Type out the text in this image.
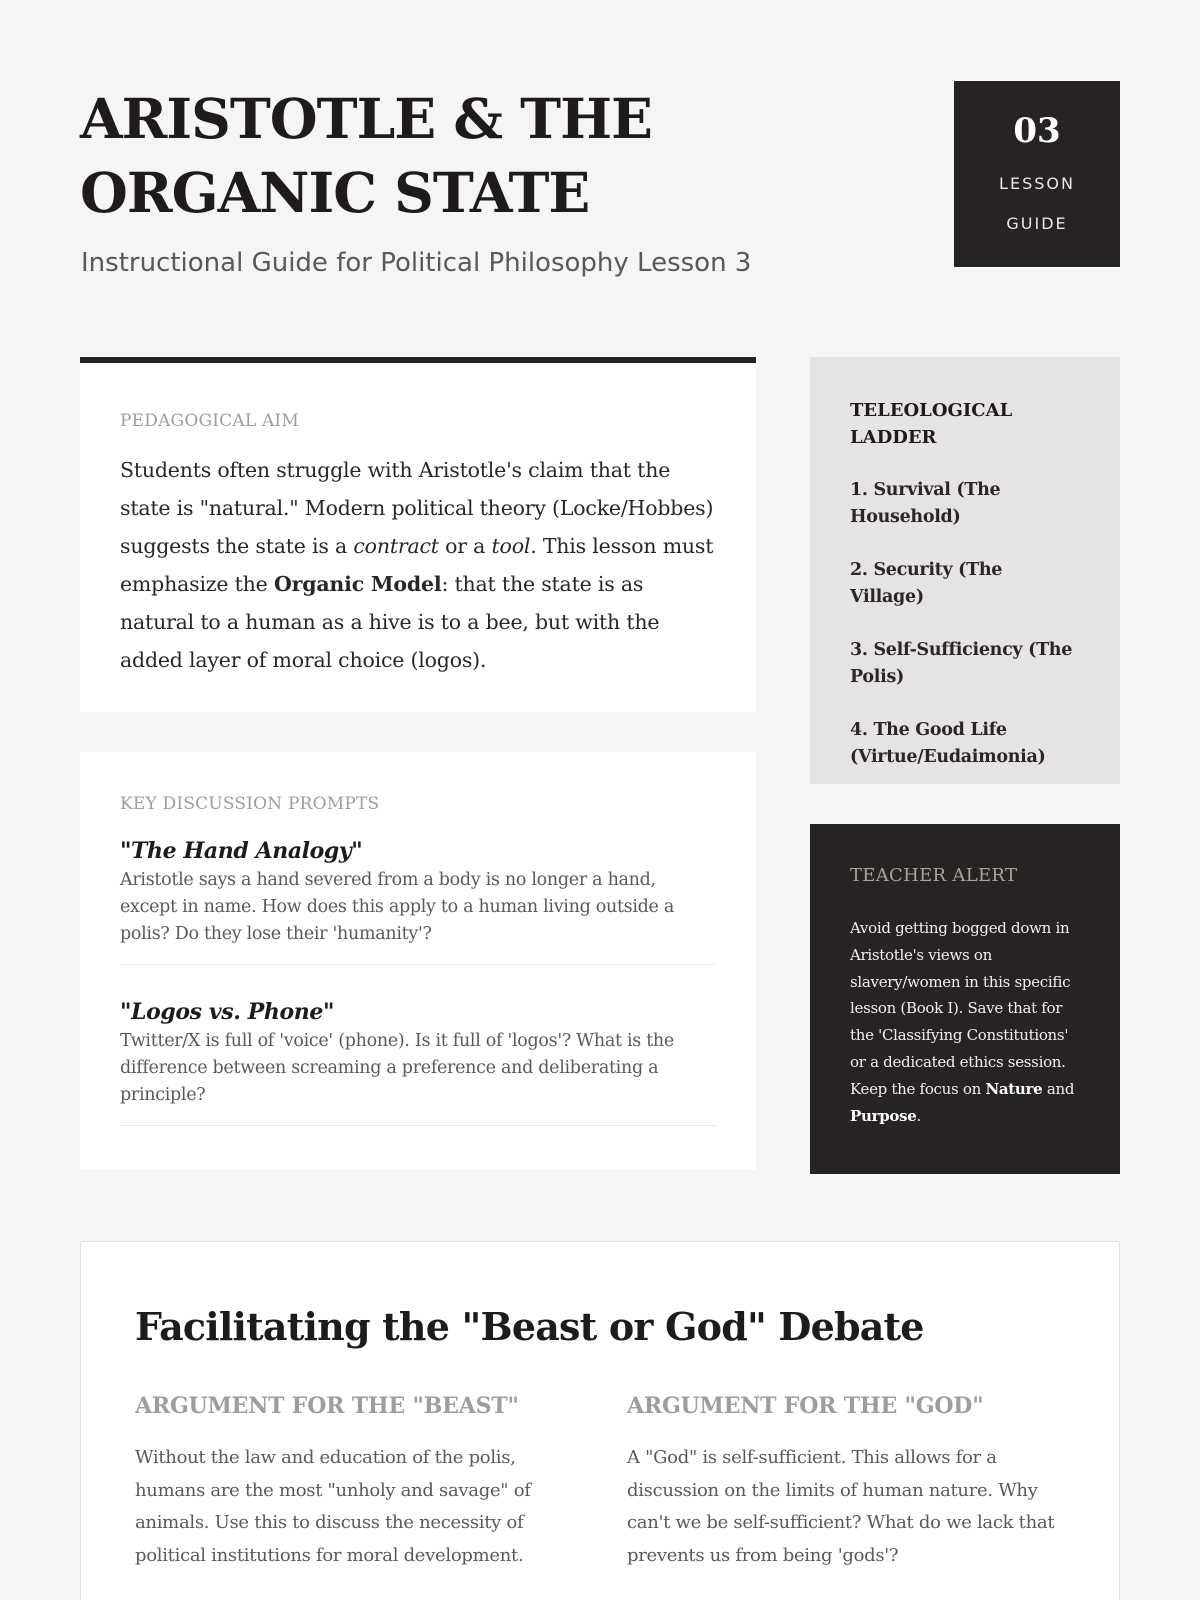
ARISTOTLE & THE ORGANIC STATE
Instructional Guide for Political Philosophy Lesson 3
03
LESSON
GUIDE
PEDAGOGICAL AIM

Students often struggle with Aristotle's claim that the state is "natural." Modern political theory (Locke/Hobbes) suggests the state is a contract or a tool. This lesson must emphasize the Organic Model: that the state is as natural to a human as a hive is to a bee, but with the added layer of moral choice (logos).

KEY DISCUSSION PROMPTS
"The Hand Analogy"
Aristotle says a hand severed from a body is no longer a hand, except in name. How does this apply to a human living outside a polis? Do they lose their 'humanity'?
"Logos vs. Phone"
Twitter/X is full of 'voice' (phone). Is it full of 'logos'? What is the difference between screaming a preference and deliberating a principle?
TELEOLOGICAL LADDER
1. Survival (The Household)
2. Security (The Village)
3. Self-Sufficiency (The Polis)
4. The Good Life (Virtue/Eudaimonia)
TEACHER ALERT

Avoid getting bogged down in Aristotle's views on slavery/women in this specific lesson (Book I). Save that for the 'Classifying Constitutions' or a dedicated ethics session. Keep the focus on Nature and Purpose.

Facilitating the "Beast or God" Debate
ARGUMENT FOR THE "BEAST"

Without the law and education of the polis, humans are the most "unholy and savage" of animals. Use this to discuss the necessity of political institutions for moral development.

ARGUMENT FOR THE "GOD"

A "God" is self-sufficient. This allows for a discussion on the limits of human nature. Why can't we be self-sufficient? What do we lack that prevents us from being 'gods'?
